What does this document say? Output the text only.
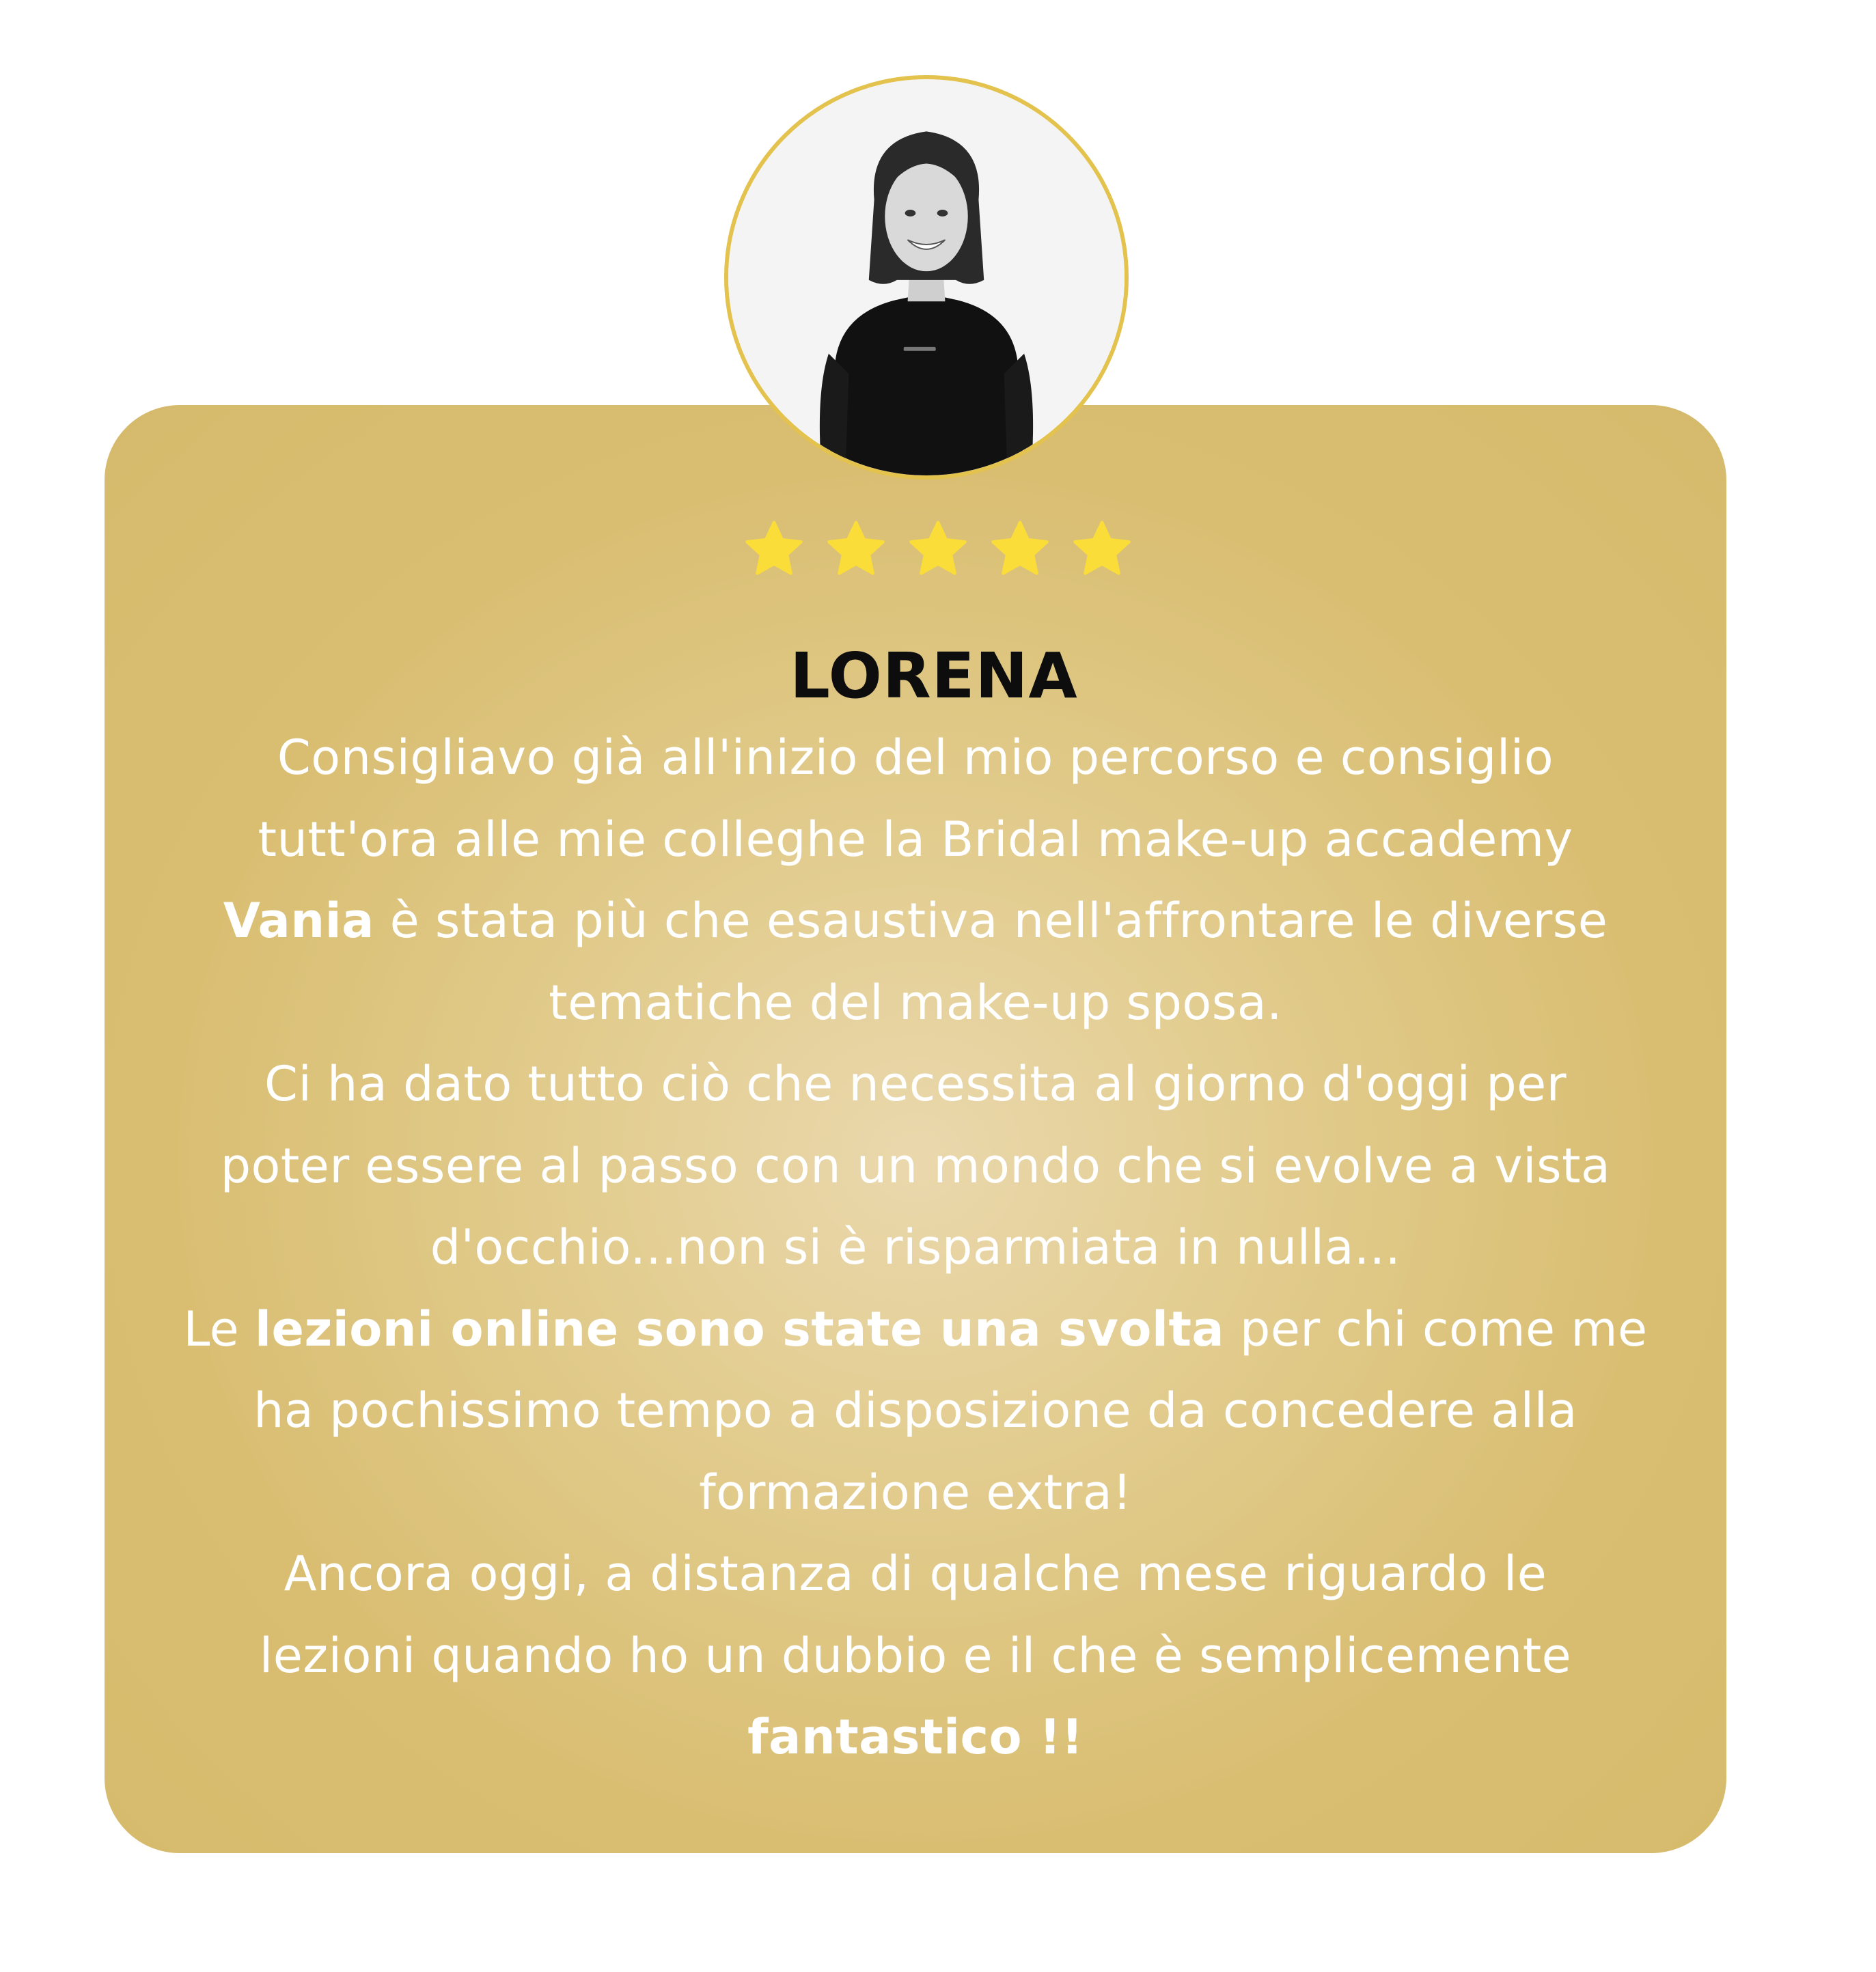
LORENA
Consigliavo già all'inizio del mio percorso e consiglio
tutt'ora alle mie colleghe la Bridal make-up accademy
Vania è stata più che esaustiva nell'affrontare le diverse
tematiche del make-up sposa.
Ci ha dato tutto ciò che necessita al giorno d'oggi per
poter essere al passo con un mondo che si evolve a vista
d'occhio...non si è risparmiata in nulla...
Le lezioni online sono state una svolta per chi come me
ha pochissimo tempo a disposizione da concedere alla
formazione extra!
Ancora oggi, a distanza di qualche mese riguardo le
lezioni quando ho un dubbio e il che è semplicemente
fantastico !!
